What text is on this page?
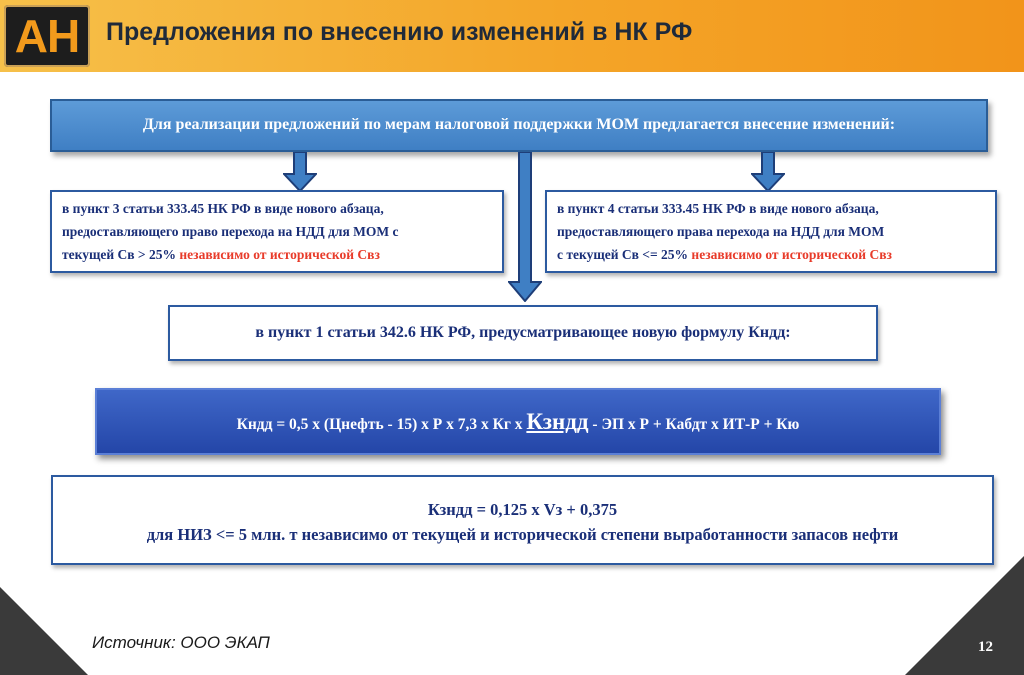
АН	Предложения по внесению изменений в НК РФ
Для реализации предложений по мерам налоговой поддержки МОМ предлагается внесение изменений:
в пункт 3 статьи 333.45 НК РФ в виде нового абзаца,
предоставляющего право перехода на НДД для МОМ с
текущей Св > 25% независимо от исторической Свз
в пункт 4 статьи 333.45 НК РФ в виде нового абзаца,
предоставляющего права перехода на НДД для МОМ
с текущей Св <= 25% независимо от исторической Свз
в пункт 1 статьи 342.6 НК РФ, предусматривающее новую формулу Кндд:
Кндд = 0,5 х (Цнефть - 15) х Р х 7,3 х Кг х Кзндд - ЭП х Р + Кабдт х ИТ-Р + Кю
Кзндд = 0,125 х Vз + 0,375
для НИЗ <= 5 млн. т независимо от текущей и исторической степени выработанности запасов нефти
Источник: ООО ЭКАП	12
